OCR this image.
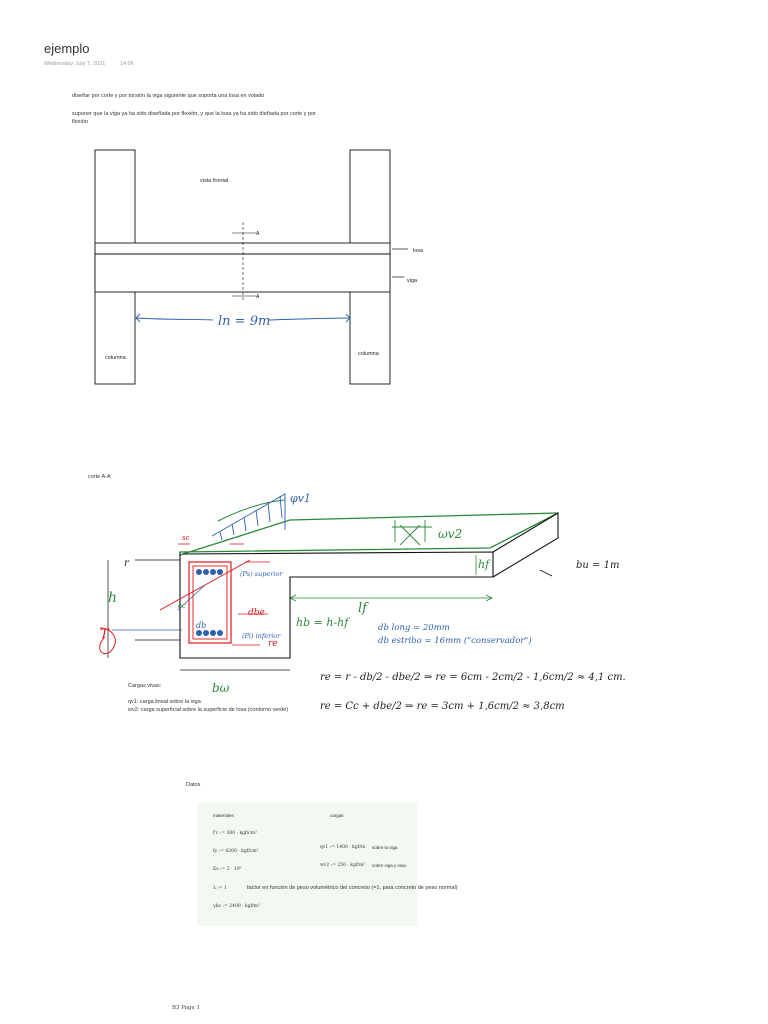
ejemplo
Wednesday, July 7, 2021	14:06
diseñar por corte y por torsión la viga siguiente que soporta una losa en volado
suponer que la viga ya ha sido diseñada por flexión, y que la losa ya ha sido dieñada por corte y por
flexión
A
A
vista frontal
losa
viga
columna
columna
ln = 9m
corte A-A
φv1
ωv2
r
h
hf
lf
bu = 1m
bω
sc
cc
dbe
db
re
(Ps) superior
(Pi) inferior
hb = h-hf
T	db long = 20mm
db estribo = 16mm ("conservador")
re = r - db/2 - dbe/2 ⇒ re = 6cm - 2cm/2 - 1,6cm/2 ≈ 4,1 cm.
re = Cc + dbe/2 ⇒ re = 3cm + 1,6cm/2 ≈ 3,8cm
Cargas vivas:
qv1: carga lineal sobre la viga
wv2: carga superficial sobre la superficie de losa (contorno verde)
Datos
materiales	cargas
f'c := 300 · kgf/cm²
fy := 4200 · kgf/cm²
Es := 2 · 10⁶
λ := 1	factor en función de peso volumétrico del concreto (=1, para concreto de peso normal)
γhc := 2400 · kgf/m³
qv1 := 1400 · kgf/m sobre la viga
wv2 := 250 · kgf/m² sobre viga y losa
B3 Page 1
